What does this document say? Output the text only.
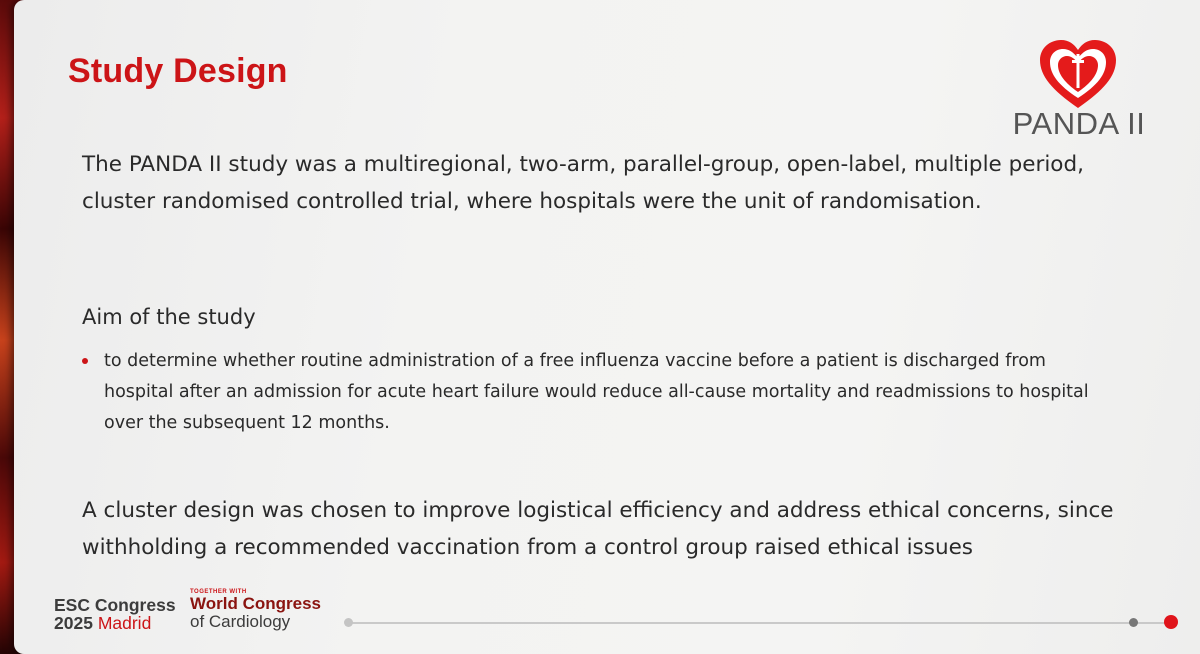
Study Design
PANDA II
The PANDA II study was a multiregional, two-arm, parallel-group, open-label, multiple period, cluster randomised controlled trial, where hospitals were the unit of randomisation.
Aim of the study
to determine whether routine administration of a free influenza vaccine before a patient is discharged from hospital after an admission for acute heart failure would reduce all-cause mortality and readmissions to hospital over the subsequent 12 months.
A cluster design was chosen to improve logistical efficiency and address ethical concerns, since withholding a recommended vaccination from a control group raised ethical issues
ESC Congress
2025 Madrid
TOGETHER WITH
World Congress
of Cardiology
